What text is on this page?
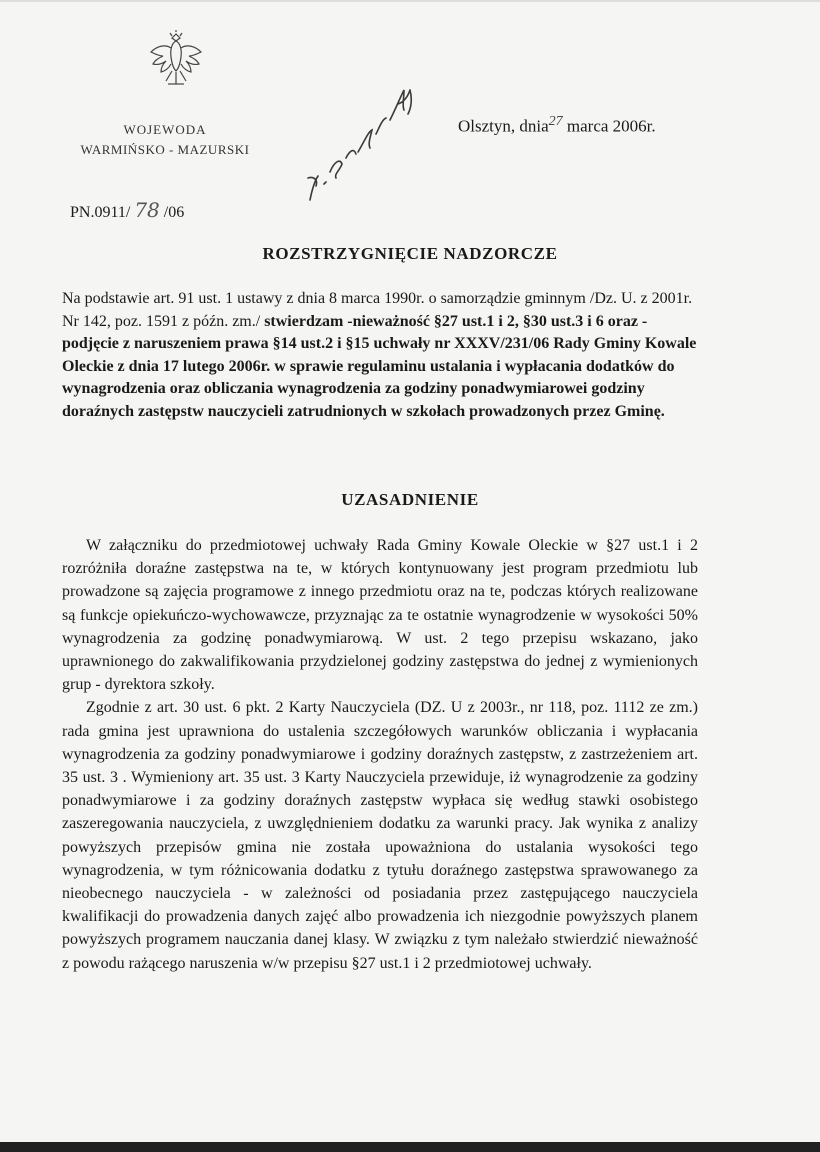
WOJEWODA
WARMIŃSKO - MAZURSKI
Olsztyn, dnia$^{27}$ marca 2006r.
PN.0911/ 78 /06
ROZSTRZYGNIĘCIE NADZORCZE
Na podstawie art. 91 ust. 1 ustawy z dnia 8 marca 1990r. o samorządzie gminnym /Dz. U. z 2001r. Nr 142, poz. 1591 z późn. zm./ stwierdzam -nieważność §27 ust.1 i 2, §30 ust.3 i 6 oraz - podjęcie z naruszeniem prawa §14 ust.2 i §15 uchwały nr XXXV/231/06 Rady Gminy Kowale Oleckie z dnia 17 lutego 2006r. w sprawie regulaminu ustalania i wypłacania dodatków do wynagrodzenia oraz obliczania wynagrodzenia za godziny ponadwymiarowei godziny doraźnych zastępstw nauczycieli zatrudnionych w szkołach prowadzonych przez Gminę.
UZASADNIENIE

W załączniku do przedmiotowej uchwały Rada Gminy Kowale Oleckie w §27 ust.1 i 2 rozróżniła doraźne zastępstwa na te, w których kontynuowany jest program przedmiotu lub prowadzone są zajęcia programowe z innego przedmiotu oraz na te, podczas których realizowane są funkcje opiekuńczo-wychowawcze, przyznając za te ostatnie wynagrodzenie w wysokości 50% wynagrodzenia za godzinę ponadwymiarową. W ust. 2 tego przepisu wskazano, jako uprawnionego do zakwalifikowania przydzielonej godziny zastępstwa do jednej z wymienionych grup - dyrektora szkoły.

Zgodnie z art. 30 ust. 6 pkt. 2 Karty Nauczyciela (DZ. U z 2003r., nr 118, poz. 1112 ze zm.) rada gmina jest uprawniona do ustalenia szczegółowych warunków obliczania i wypłacania wynagrodzenia za godziny ponadwymiarowe i godziny doraźnych zastępstw, z zastrzeżeniem art. 35 ust. 3 . Wymieniony art. 35 ust. 3 Karty Nauczyciela przewiduje, iż wynagrodzenie za godziny ponadwymiarowe i za godziny doraźnych zastępstw wypłaca się według stawki osobistego zaszeregowania nauczyciela, z uwzględnieniem dodatku za warunki pracy. Jak wynika z analizy powyższych przepisów gmina nie została upoważniona do ustalania wysokości tego wynagrodzenia, w tym różnicowania dodatku z tytułu doraźnego zastępstwa sprawowanego za nieobecnego nauczyciela - w zależności od posiadania przez zastępującego nauczyciela kwalifikacji do prowadzenia danych zajęć albo prowadzenia ich niezgodnie powyższych planem powyższych programem nauczania danej klasy. W związku z tym należało stwierdzić nieważność z powodu rażącego naruszenia w/w przepisu §27 ust.1 i 2 przedmiotowej uchwały.
